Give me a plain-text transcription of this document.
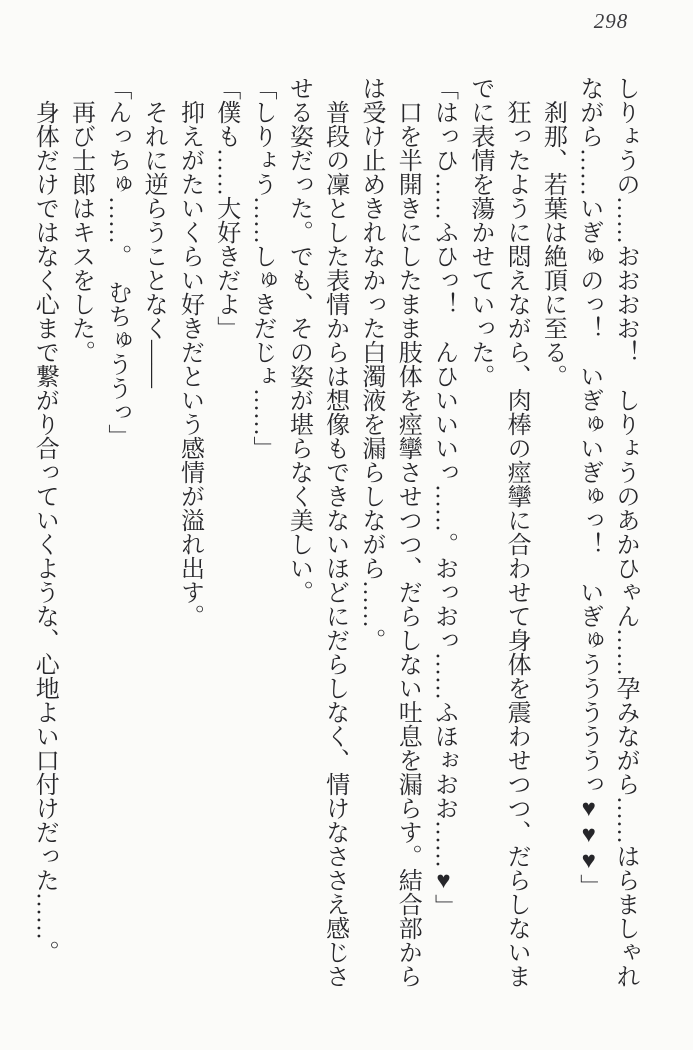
298
しりょうの……おおおお！　しりょうのあかひゃん……孕みながら……はらましゃれ
ながら……いぎゅのっ！　いぎゅいぎゅっ！　いぎゅうううううっ♥♥♥」
　刹那、若葉は絶頂に至る。
　狂ったように悶えながら、肉棒の痙攣に合わせて身体を震わせつつ、だらしないま
でに表情を蕩かせていった。
「はっひ……ふひっ！　んひいいいっ……。おっおっ……ふほぉおお……♥」
　口を半開きにしたまま肢体を痙攣させつつ、だらしない吐息を漏らす。結合部から
は受け止めきれなかった白濁液を漏らしながら……。
　普段の凜とした表情からは想像もできないほどにだらしなく、情けなささえ感じさ
せる姿だった。でも、その姿が堪らなく美しい。
「しりょう……しゅきだじょ……」
「僕も……大好きだよ」
　抑えがたいくらい好きだという感情が溢れ出す。
　それに逆らうことなく――
「んっちゅ……。　むちゅううっ」
　再び士郎はキスをした。
　身体だけではなく心まで繋がり合っていくような、心地よい口付けだった……。
